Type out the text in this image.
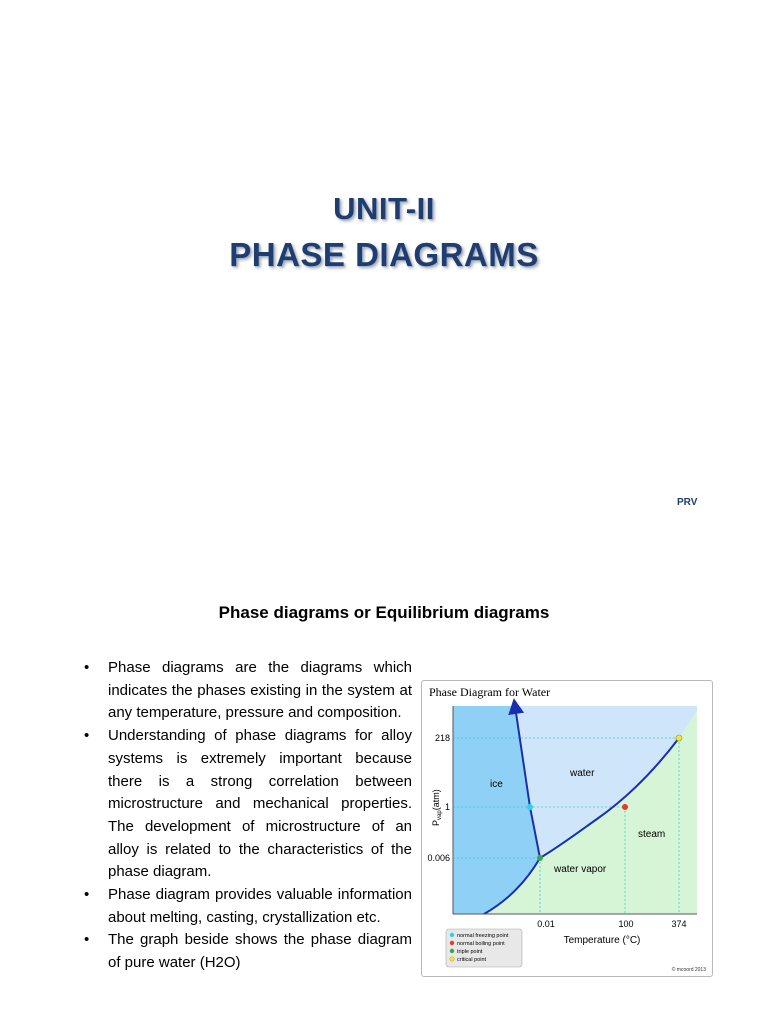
UNIT-II
PHASE DIAGRAMS
PRV
Phase diagrams or Equilibrium diagrams
• Phase diagrams are the diagrams which indicates the phases existing in the system at any temperature, pressure and composition.
• Understanding of phase diagrams for alloy systems is extremely important because there is a strong correlation between microstructure and mechanical properties. The development of microstructure of an alloy is related to the characteristics of the phase diagram.
• Phase diagram provides valuable information about melting, casting, crystallization etc.
• The graph beside shows the phase diagram of pure water (H2O)
Phase Diagram for Water
ice
water
steam
water vapor
218
1
0.006
$P_{vap}(atm)$
0.01	100	374
Temperature (°C)
normal freezing point
normal boiling point
triple point
critical point
© mcoord 2013
